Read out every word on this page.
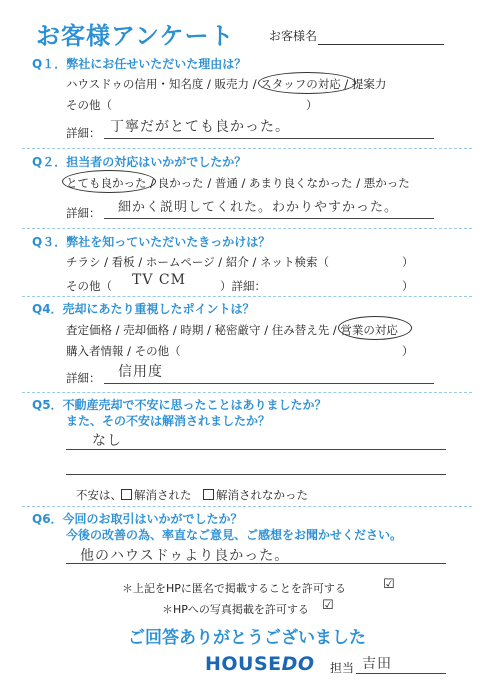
お客様アンケート	お客様名
Q１．弊社にお任せいただいた理由は？
ハウスドゥの信用・知名度 / 販売力 / スタッフの対応 / 提案力
その他（	）
詳細： 丁寧だがとても良かった。
Q２．担当者の対応はいかがでしたか？
とても良かった / 良かった / 普通 / あまり良くなかった / 悪かった
詳細： 細かく説明してくれた。わかりやすかった。
Q３．弊社を知っていただいたきっかけは？
チラシ / 看板 / ホームページ / 紹介 / ネット検索（	）
その他（ TV CM	）詳細：	）
Q4．売却にあたり重視したポイントは？
査定価格 / 売却価格 / 時期 / 秘密厳守 / 住み替え先 / 営業の対応
購入者情報 / その他（	）
詳細： 信用度
Q5．不動産売却で不安に思ったことはありましたか？
また、その不安は解消されましたか？
なし
不安は、	解消された	解消されなかった
Q6．今回のお取引はいかがでしたか？
今後の改善の為、率直なご意見、ご感想をお聞かせください。
他のハウスドゥより良かった。
＊上記をHPに匿名で掲載することを許可する	☑
＊HPへの写真掲載を許可する ☑
ご回答ありがとうございました
HOUSEDO 担当 吉田
